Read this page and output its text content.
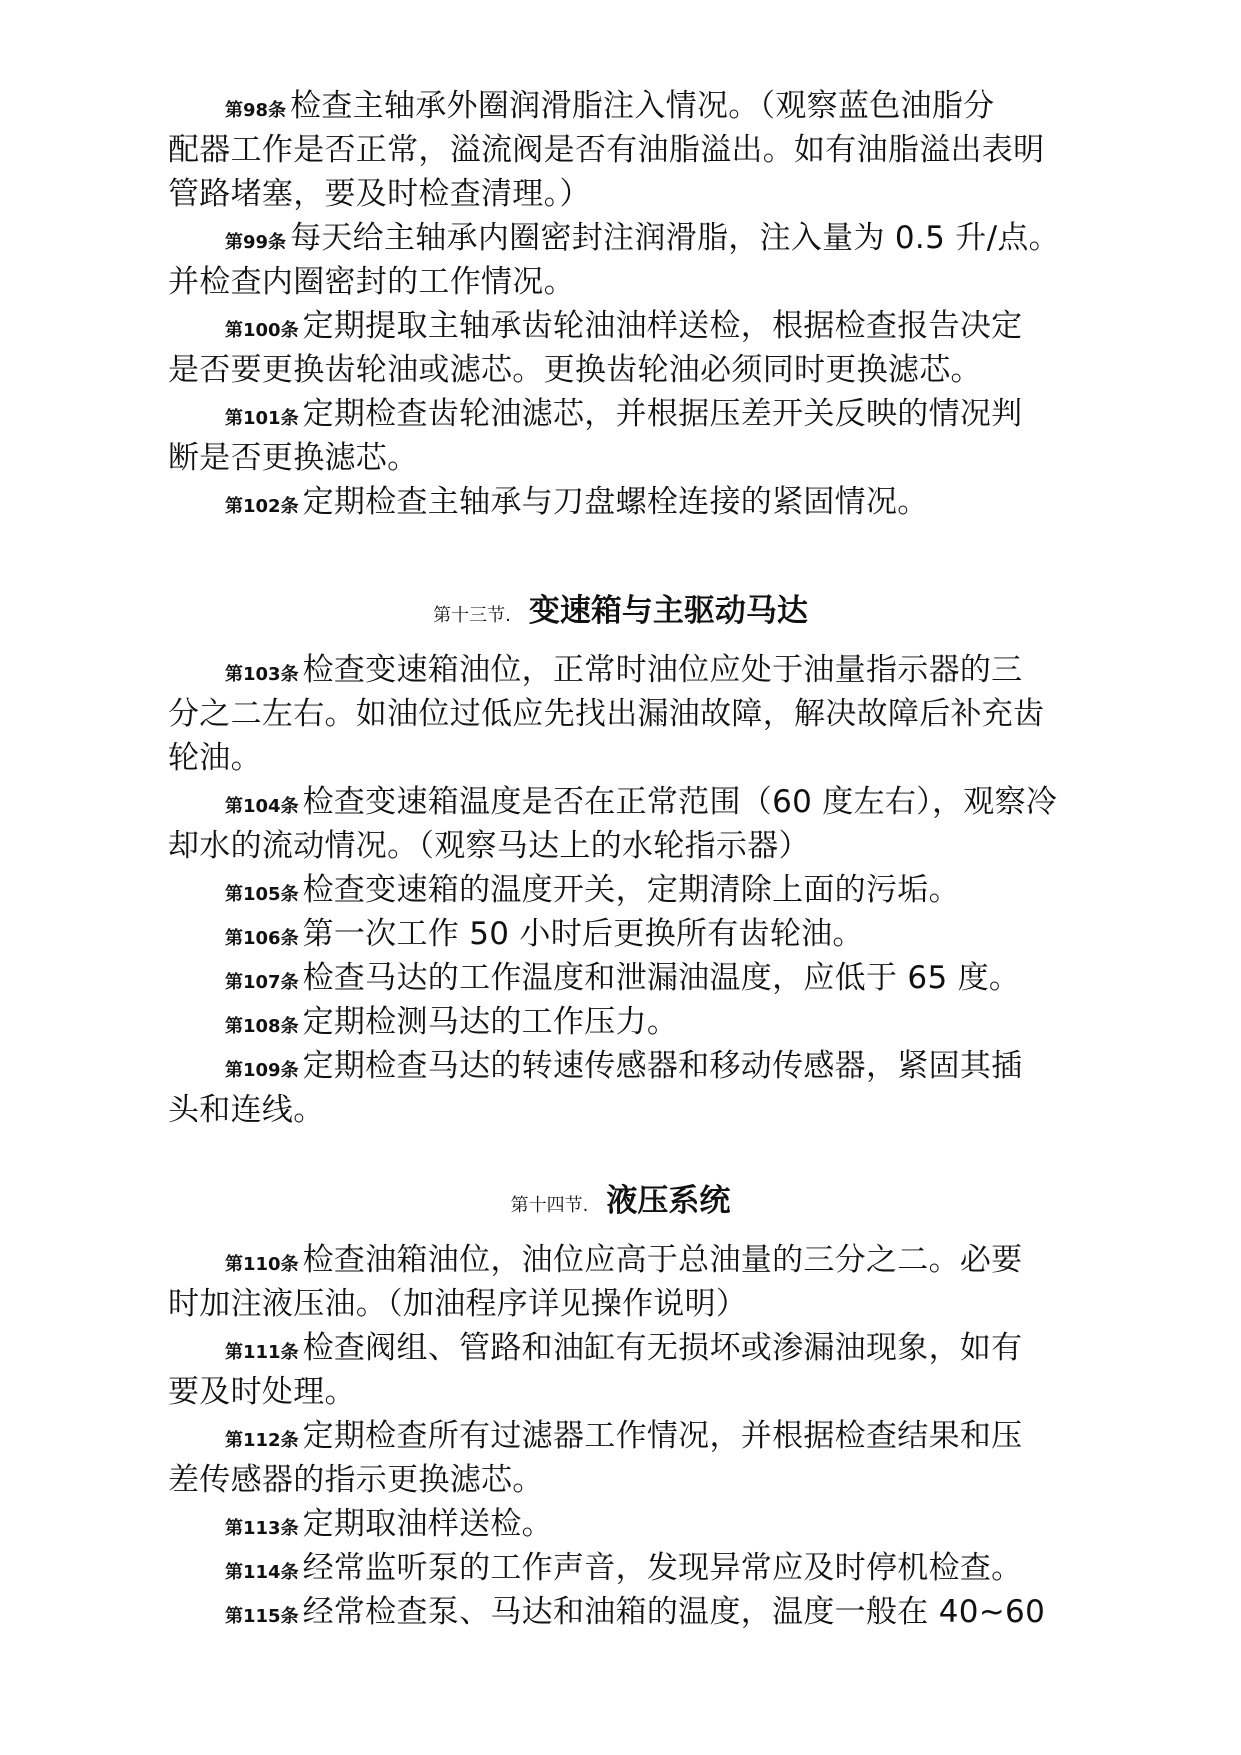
第98条 检查主轴承外圈润滑脂注入情况。（观察蓝色油脂分
配器工作是否正常，溢流阀是否有油脂溢出。如有油脂溢出表明
管路堵塞，要及时检查清理。）
第99条 每天给主轴承内圈密封注润滑脂，注入量为 0.5 升/点。
并检查内圈密封的工作情况。
第100条 定期提取主轴承齿轮油油样送检，根据检查报告决定
是否要更换齿轮油或滤芯。更换齿轮油必须同时更换滤芯。
第101条 定期检查齿轮油滤芯，并根据压差开关反映的情况判
断是否更换滤芯。
第102条 定期检查主轴承与刀盘螺栓连接的紧固情况。
第十三节. 变速箱与主驱动马达
第103条 检查变速箱油位，正常时油位应处于油量指示器的三
分之二左右。如油位过低应先找出漏油故障，解决故障后补充齿
轮油。
第104条 检查变速箱温度是否在正常范围（60 度左右），观察冷
却水的流动情况。（观察马达上的水轮指示器）
第105条 检查变速箱的温度开关，定期清除上面的污垢。
第106条 第一次工作 50 小时后更换所有齿轮油。
第107条 检查马达的工作温度和泄漏油温度，应低于 65 度。
第108条 定期检测马达的工作压力。
第109条 定期检查马达的转速传感器和移动传感器，紧固其插
头和连线。
第十四节. 液压系统
第110条 检查油箱油位，油位应高于总油量的三分之二。必要
时加注液压油。（加油程序详见操作说明）
第111条 检查阀组、管路和油缸有无损坏或渗漏油现象，如有
要及时处理。
第112条 定期检查所有过滤器工作情况，并根据检查结果和压
差传感器的指示更换滤芯。
第113条 定期取油样送检。
第114条 经常监听泵的工作声音，发现异常应及时停机检查。
第115条 经常检查泵、马达和油箱的温度，温度一般在 40~60
